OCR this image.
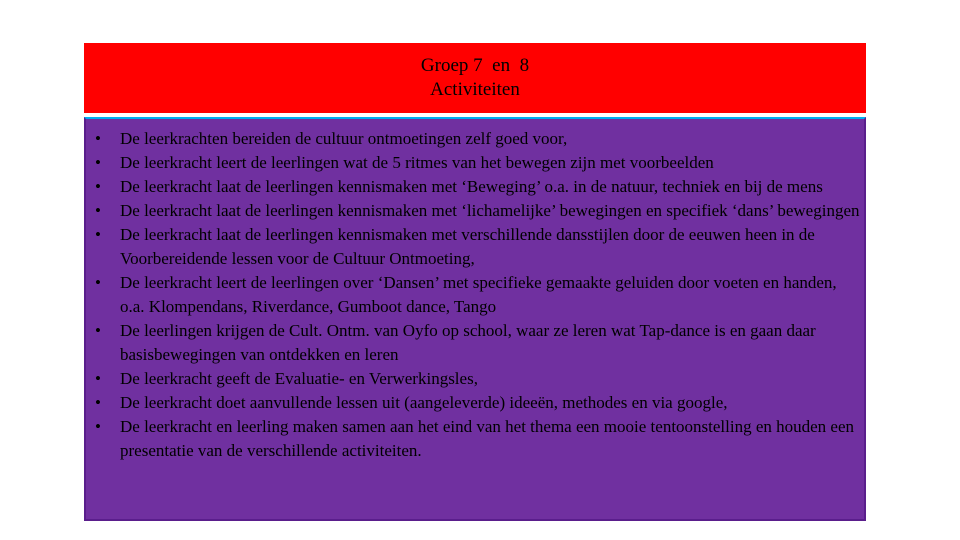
Groep 7  en  8
Activiteiten
• De leerkrachten bereiden de cultuur ontmoetingen zelf goed voor,
• De leerkracht leert de leerlingen wat de 5 ritmes van het bewegen zijn met voorbeelden
• De leerkracht laat de leerlingen kennismaken met ‘Beweging’ o.a. in de natuur, techniek en bij de mens
• De leerkracht laat de leerlingen kennismaken met ‘lichamelijke’ bewegingen en specifiek ‘dans’ bewegingen
• De leerkracht laat de leerlingen kennismaken met verschillende dansstijlen door de eeuwen heen in de Voorbereidende lessen voor de Cultuur Ontmoeting,
• De leerkracht leert de leerlingen over ‘Dansen’ met specifieke gemaakte geluiden door voeten en handen, o.a. Klompendans, Riverdance, Gumboot dance, Tango
• De leerlingen krijgen de Cult. Ontm. van Oyfo op school, waar ze leren wat Tap-dance is en gaan daar basisbewegingen van ontdekken en leren
• De leerkracht geeft de Evaluatie- en Verwerkingsles,
• De leerkracht doet aanvullende lessen uit (aangeleverde) ideeën, methodes en via google,
• De leerkracht en leerling maken samen aan het eind van het thema een mooie tentoonstelling en houden een presentatie van de verschillende activiteiten.
